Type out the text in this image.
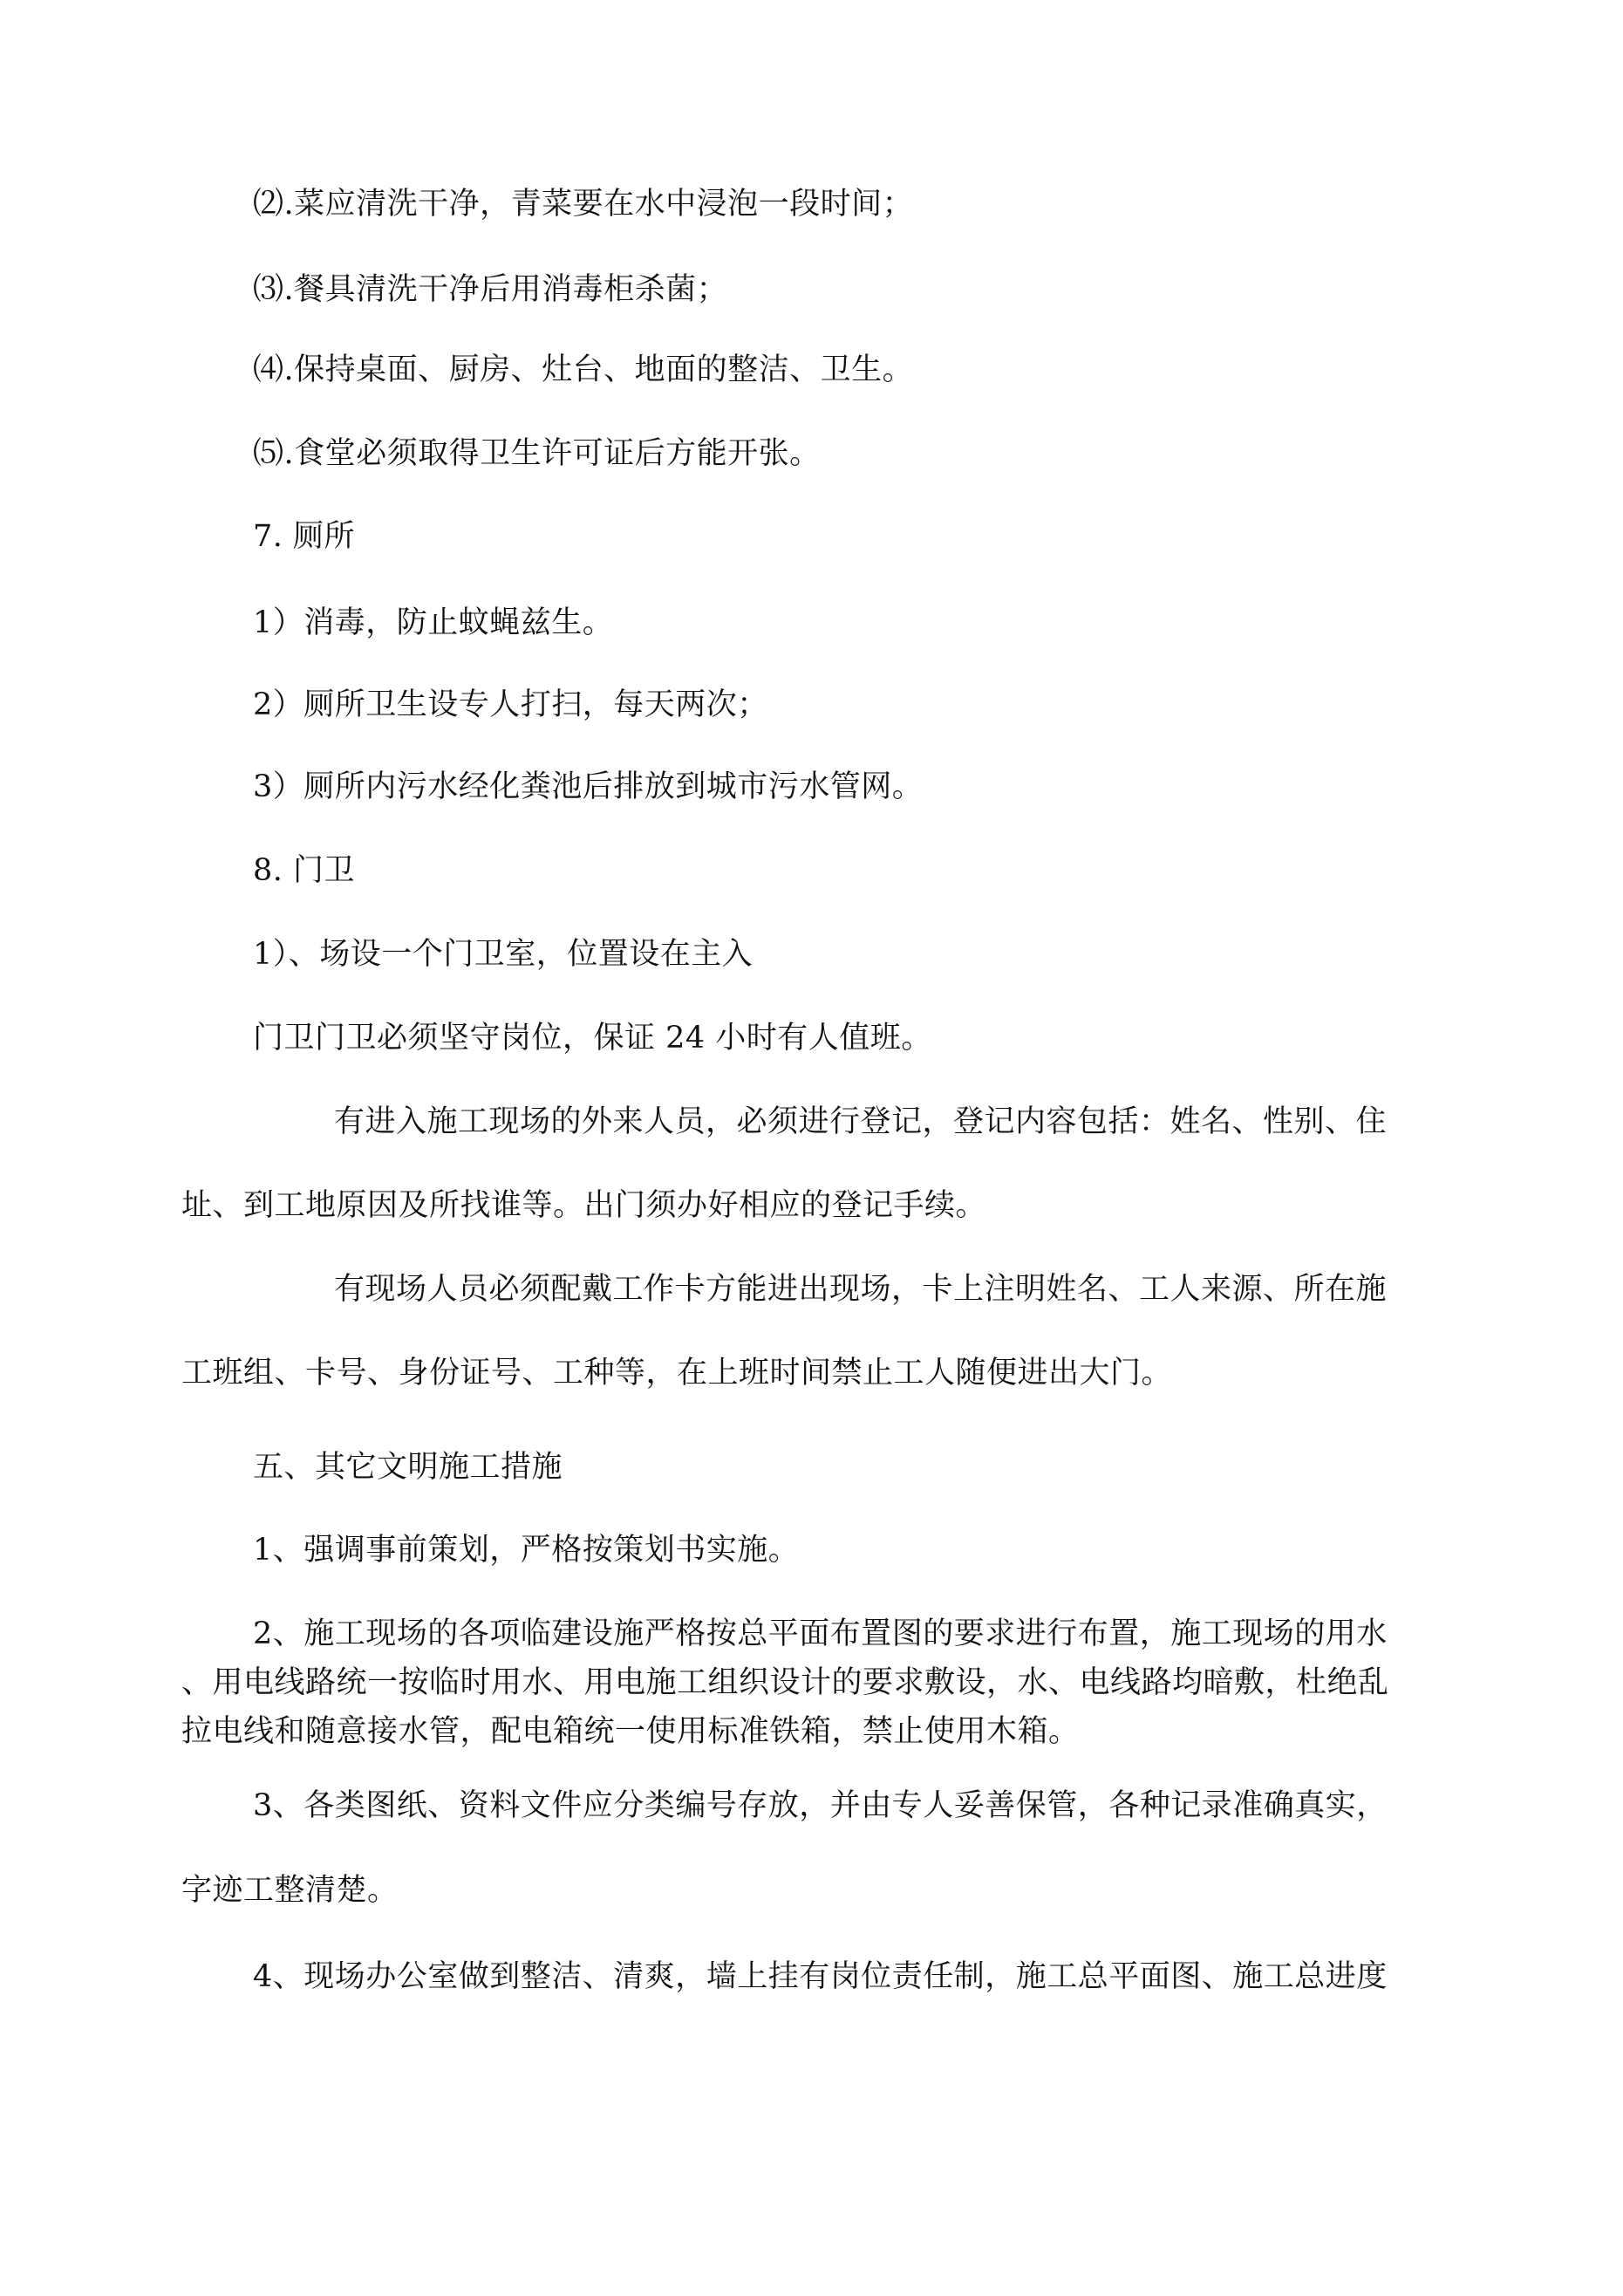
⑵.菜应清洗干净，青菜要在水中浸泡一段时间；

⑶.餐具清洗干净后用消毒柜杀菌；

⑷.保持桌面、厨房、灶台、地面的整洁、卫生。

⑸.食堂必须取得卫生许可证后方能开张。

7. 厕所

1）消毒，防止蚊蝇兹生。

2）厕所卫生设专人打扫，每天两次；

3）厕所内污水经化粪池后排放到城市污水管网。

8. 门卫

1）、场设一个门卫室，位置设在主入

门卫门卫必须坚守岗位，保证 24 小时有人值班。

有进入施工现场的外来人员，必须进行登记，登记内容包括：姓名、性别、住

址、到工地原因及所找谁等。出门须办好相应的登记手续。

有现场人员必须配戴工作卡方能进出现场，卡上注明姓名、工人来源、所在施

工班组、卡号、身份证号、工种等，在上班时间禁止工人随便进出大门。

五、其它文明施工措施

1、强调事前策划，严格按策划书实施。

2、施工现场的各项临建设施严格按总平面布置图的要求进行布置，施工现场的用水

、用电线路统一按临时用水、用电施工组织设计的要求敷设，水、电线路均暗敷，杜绝乱

拉电线和随意接水管，配电箱统一使用标准铁箱，禁止使用木箱。

3、各类图纸、资料文件应分类编号存放，并由专人妥善保管，各种记录准确真实，

字迹工整清楚。

4、现场办公室做到整洁、清爽，墙上挂有岗位责任制，施工总平面图、施工总进度
